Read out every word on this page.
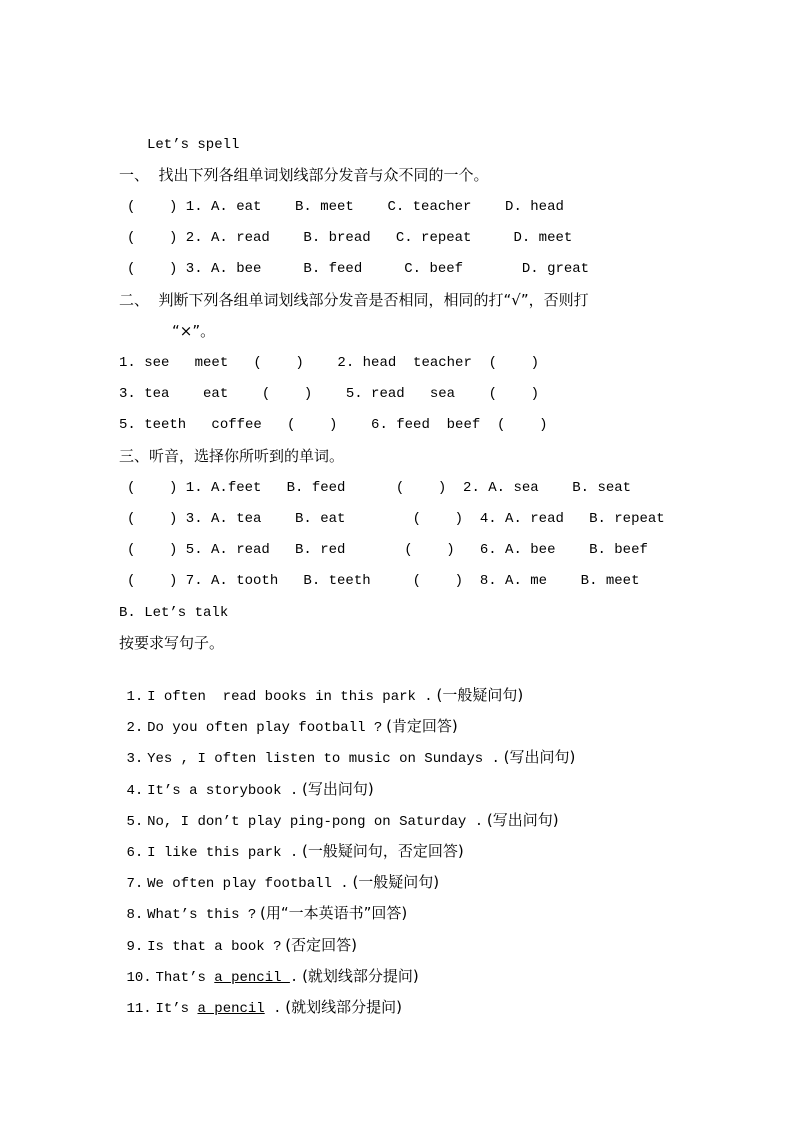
Let’s spell
一、  找出下列各组单词划线部分发音与众不同的一个。
(    ) 1. A. eat    B. meet    C. teacher    D. head
(    ) 2. A. read    B. bread   C. repeat     D. meet
(    ) 3. A. bee     B. feed     C. beef       D. great
二、  判断下列各组单词划线部分发音是否相同，相同的打“√”，否则打
“×”。
1. see   meet   (    )    2. head  teacher  (    )
3. tea    eat    (    )    5. read   sea    (    )
5. teeth   coffee   (    )    6. feed  beef  (    )
三、听音，选择你所听到的单词。
(    ) 1. A.feet   B. feed      (    )  2. A. sea    B. seat
(    ) 3. A. tea    B. eat        (    )  4. A. read   B. repeat
(    ) 5. A. read   B. red       (    )   6. A. bee    B. beef
(    ) 7. A. tooth   B. teeth     (    )  8. A. me    B. meet
B. Let’s talk
按要求写句子。

1. I often  read books in this park . (一般疑问句)

2. Do you often play football ? (肯定回答)

3. Yes , I often listen to music on Sundays . (写出问句)

4. It’s a storybook . (写出问句)

5. No, I don’t play ping-pong on Saturday . (写出问句)

6. I like this park . (一般疑问句，否定回答)

7. We often play football . (一般疑问句)

8. What’s this ? (用“一本英语书”回答)

9. Is that a book ? (否定回答)

10. That’s a pencil . (就划线部分提问)

11. It’s a pencil . (就划线部分提问)
